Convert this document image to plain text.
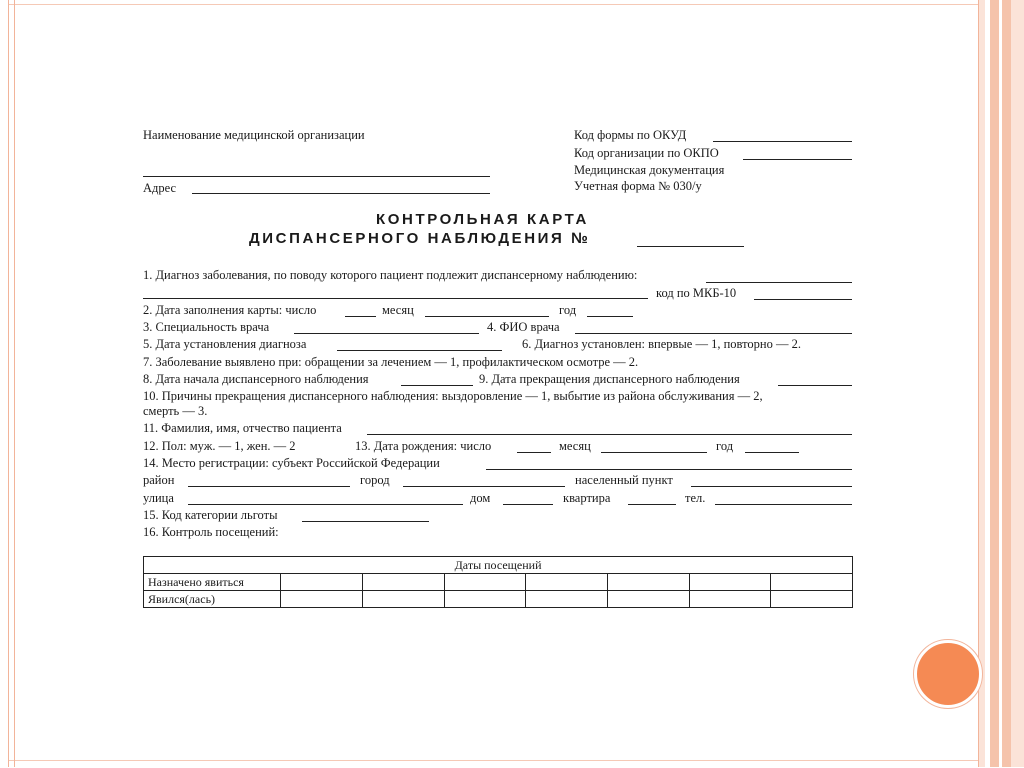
Наименование медицинской организации
Адрес
Код формы по ОКУД
Код организации по ОКПО
Медицинская документация
Учетная форма № 030/у
КОНТРОЛЬНАЯ КАРТА
ДИСПАНСЕРНОГО НАБЛЮДЕНИЯ №
1. Диагноз заболевания, по поводу которого пациент подлежит диспансерному наблюдению:
код по МКБ-10
2. Дата заполнения карты: число	месяц	год
3. Специальность врача	4. ФИО врача
5. Дата установления диагноза	6. Диагноз установлен: впервые — 1, повторно — 2.
7. Заболевание выявлено при: обращении за лечением — 1, профилактическом осмотре — 2.
8. Дата начала диспансерного наблюдения	9. Дата прекращения диспансерного наблюдения
10. Причины прекращения диспансерного наблюдения: выздоровление — 1, выбытие из района обслуживания — 2,
смерть — 3.
11. Фамилия, имя, отчество пациента
12. Пол: муж. — 1, жен. — 2	13. Дата рождения: число	месяц	год
14. Место регистрации: субъект Российской Федерации
район	город	населенный пункт
улица	дом	квартира	тел.
15. Код категории льготы
16. Контроль посещений:
Даты посещений							
Назначено явиться							
Явился(лась)							
